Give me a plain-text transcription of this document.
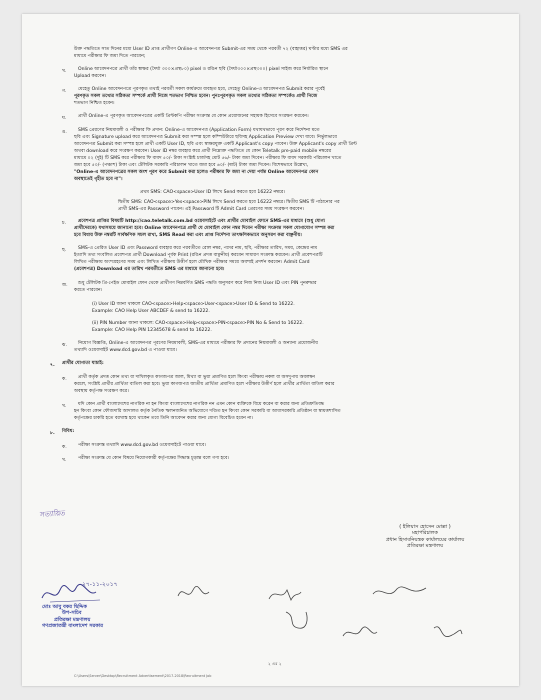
উক্ত পদ্ধতিতে সাত দিনের মধ্যে User ID প্রাপ্ত প্রার্থীগণ Online-এ আবেদনপত্র Submit-এর সময় থেকে পরবর্তী ৭২ (বাহাত্তর) ঘণ্টার মধ্যে SMS এর
মাধ্যমে পরীক্ষার ফি জমা দিতে পারবেন;
খ.	Online আবেদনপত্রে প্রার্থী তাঁর স্বাক্ষর (দৈর্ঘ্য ৩০০×প্রস্থ৮০) pixel ও রঙিন ছবি (দৈর্ঘ্য৩০০×প্রস্থ৩০০) pixel সাইজ করে নির্ধারিত স্থানে
Upload করবেন।
গ.	যেহেতু Online আবেদনপত্রে পূরণকৃত তথ্যই পরবর্তী সকল কার্যক্রমে ব্যবহৃত হবে, সেহেতু Online-এ আবেদনপত্র Submit করার পূর্বেই
পূরণকৃত সকল তথ্যের সঠিকতা সম্পর্কে প্রার্থী নিজে শতভাগ নিশ্চিত হবেন। পুনঃপূরণকৃত সকল তথ্যের সঠিকতা সম্পর্কেও প্রার্থী নিজে
শতভাগ নিশ্চিত হবেন।
ঘ.	প্রার্থী Online-এ পূরণকৃত আবেদনপত্রের একটি প্রিন্টকপি পরীক্ষা সংক্রান্ত যে কোন প্রয়োজনের সহায়ক হিসেবে সংরক্ষণ করবেন।
ঙ. SMS প্রেরণের নিয়মাবলী ও পরীক্ষার ফি প্রদান: Online-এ আবেদনপত্র (Application Form) যথাযথভাবে পূরণ করে নির্দেশনা মতে
ছবি এবং Signature upload করে আবেদনপত্র Submit করা সম্পন্ন হলে কম্পিউটারে ছবিসহ Application Preview দেখা যাবে। নির্ভুলভাবে
আবেদনপত্র Submit করা সম্পন্ন হলে প্রার্থী একটি User ID, ছবি এবং স্বাক্ষরযুক্ত একটি Applicant's copy পাবেন। উক্ত Applicant's copy প্রার্থী প্রিন্ট
অথবা download করে সংরক্ষণ করবেন। User ID নম্বর ব্যবহার করে প্রার্থী নিম্নোক্ত পদ্ধতিতে যে কোন Teletalk pre-paid mobile নম্বরের
মাধ্যমে ০২ (দুই) টি SMS করে পরীক্ষার ফি বাবদ ৫০/- টাকা সংশ্লিষ্ট চার্জসহ মোট ৫৬/- টাকা জমা দিবেন। পরীক্ষার ফি বাবদ সরকারি পরিচালন খাতে
জমা হবে ৫০/- (পঞ্চাশ) টাকা এবং টেলিটক সরকারি পরিচালন খাতে জমা হবে ৬০/- (ষাট) টাকা জমা দিবেন। বিশেষভাবে উল্লেখ্য,
"Online-এ আবেদনপত্রের সকল অংশ পূরণ করে Submit করা হলেও পরীক্ষার ফি জমা না দেয়া পর্যন্ত Online আবেদনপত্র কোন
অবস্থাতেই গৃহীত হবে না"।
প্রথম SMS: CAO<space>User ID লিখে Send করতে হবে 16222 নম্বরে।
দ্বিতীয় SMS: CAO<space>Yes<space>PIN লিখে Send করতে হবে 16222 নম্বরে। দ্বিতীয় SMS টি পাঠানোর পর
প্রার্থী SMS-এর Password পাবেন। এই Password টি Admit Card প্রেরণের সময় সংরক্ষণ করবেন।
চ.	প্রবেশপত্র প্রাপ্তির বিষয়টি http://cao.teletalk.com.bd ওয়েবসাইটে এবং প্রার্থীর মোবাইল ফোনে SMS-এর মাধ্যমে (শুধু যোগ্য
প্রার্থীদেরকে) যথাসময়ে জানানো হবে। Online আবেদনপত্রে প্রার্থী যে মোবাইল ফোন নম্বর দিবেন পরীক্ষা সংক্রান্ত সকল যোগাযোগ সম্পন্ন করা
হবে বিধায় উক্ত নম্বরটি সার্বক্ষণিক সচল রাখা, SMS Read করা এবং প্রাপ্ত নির্দেশনা তাৎক্ষণিকভাবে অনুসরণ করা বাঞ্ছনীয়।
ছ.	SMS-এ প্রেরিত User ID এবং Password ব্যবহার করে পরবর্তীতে রোল নম্বর, পদের নাম, ছবি, পরীক্ষার তারিখ, সময়, কেন্দ্রের নাম
ইত্যাদি তথ্য সংবলিত প্রবেশপত্র প্রার্থী Download পূর্বক Print (রঙিন প্রদত্ত বাঞ্ছনীয়) করবেন সাধারণ সংক্রান্ত করবেন। প্রার্থী প্রবেশপত্রটি
লিখিত পরীক্ষায় অংশগ্রহণের সময় এবং লিখিত পরীক্ষায় উত্তীর্ণ হলে মৌখিক পরীক্ষার সময়ে অবশ্যই প্রদর্শন করবেন। Admit Card
(প্রবেশপত্র) Download এর তারিখ পরবর্তীতে SMS এর মাধ্যমে জানানো হবে।
জ. শুধু টেলিটক প্রি-পেইড মোবাইল ফোন থেকে প্রার্থীগণ নিম্নবর্ণিত SMS পদ্ধতি অনুসরণ করে নিজ নিজ User ID এবং PIN পুনরুদ্ধার
করতে পারবেন।
(i) User ID জানা থাকলে CAO<space>Help<space>User<space>User ID & Send to 16222.
Example: CAO Help User ABCDEF & send to 16222.
(ii) PIN Number জানা থাকলে: CAO<space>Help<space>PIN<space>PIN No & Send to 16222.
Example: CAO Help PIN 12345678 & send to 16222.
ঝ. নিয়োগ বিজ্ঞপ্তি, Online-এ আবেদনপত্র পূরণের নিয়মাবলী, SMS-এর মাধ্যমে পরীক্ষার ফি প্রদানের নিয়মাবলী ও অন্যান্য প্রয়োজনীয়
তথ্যাদি ওয়েবসাইট www.dcd.gov.bd এ পাওয়া যাবে।
৭. প্রার্থীর যোগ্যতা যাচাই:
ক. প্রার্থী কর্তৃক প্রদত্ত কোন তথ্য বা দাখিলকৃত কাগজপত্র জাল, মিথ্যা বা ভুয়া প্রমাণিত হলে কিংবা পরীক্ষায় নকল বা অসদুপায় অবলম্বন
করলে, সংশ্লিষ্ট প্রার্থীর প্রার্থিতা বাতিল করা হবে। ভুয়া কাগজপত্র জাতীয় প্রার্থিতা প্রমাণিত হলে পরীক্ষার উত্তীর্ণ হলে প্রার্থীর প্রার্থিতা বাতিল করার
অবস্থায় কর্তৃপক্ষ সংরক্ষণ করে।
খ.	যদি কোন প্রার্থী বাংলাদেশের নাগরিক না হন কিংবা বাংলাদেশের নাগরিক নন এমন কোন ব্যক্তিকে বিয়ে করেন বা করার জন্য প্রতিশ্রুতিবদ্ধ
হন কিংবা কোন ফৌজদারি আদালত কর্তৃক নৈতিক স্খলনজনিত অভিযোগে দণ্ডিত হন কিংবা কোন সরকারি বা আধাসরকারি প্রতিষ্ঠান বা স্বায়ত্তশাসিত
কর্তৃপক্ষের চাকরি হতে বরখাস্ত হয়ে থাকেন তবে তিনি আবেদন করার জন্য যোগ্য বিবেচিত হবেন না।
৮. বিবিধ:
ক. পরীক্ষা সংক্রান্ত তথ্যাদি www.dcd.gov.bd ওয়েবসাইটে পাওয়া যাবে।
খ.	পরীক্ষা সংক্রান্ত যে কোন বিষয়ে নিয়োগকারী কর্তৃপক্ষের সিদ্ধান্ত চূড়ান্ত বলে গণ্য হবে।
সত্যায়িত
( ইলিয়াস হোসেন মোল্লা )
মহাপরিচালক
প্রধান হিসাবনিয়ন্ত্রক কার্যালয়ের কার্যালয়
প্রতিরক্ষা মন্ত্রণালয়
২৭-১১-২০১৭
মোঃ আবু বকর ছিদ্দিক
উপ-সচিব
প্রতিরক্ষা মন্ত্রণালয়
গণপ্রজাতন্ত্রী বাংলাদেশ সরকার
২ এর ২
C:\Users\Server\Desktop\Recruitment Advertisement\2017-2018\Recruitment Job
